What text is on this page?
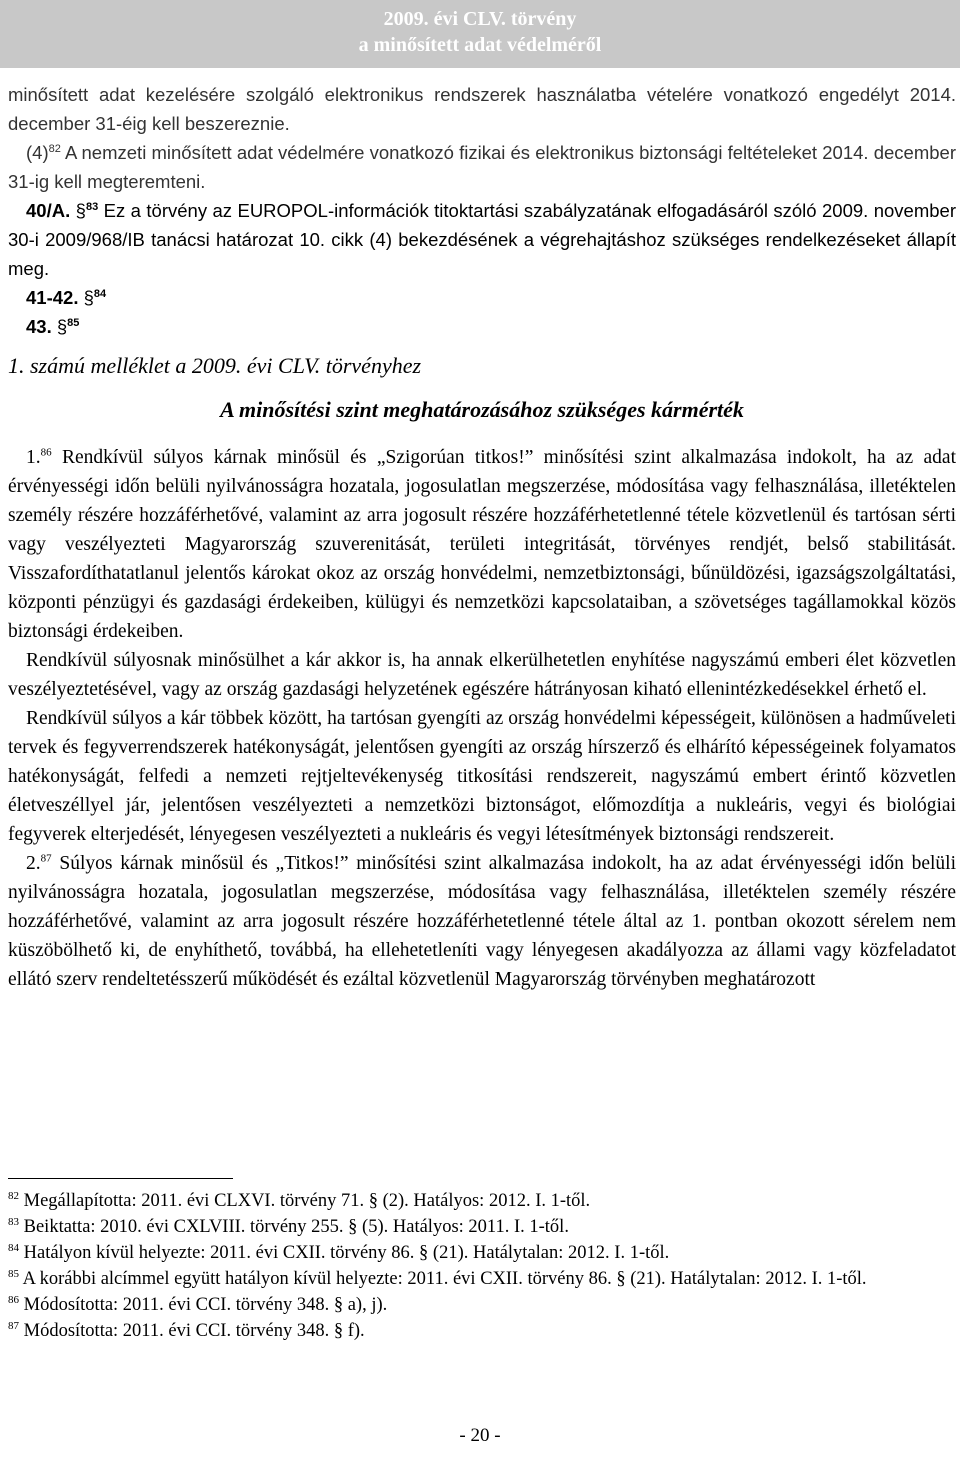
2009. évi CLV. törvény
a minősített adat védelméről

minősített adat kezelésére szolgáló elektronikus rendszerek használatba vételére vonatkozó engedélyt 2014. december 31-éig kell beszereznie.

$(4)^{82}$ A nemzeti minősített adat védelmére vonatkozó fizikai és elektronikus biztonsági feltételeket 2014. december 31-ig kell megteremteni.

40/A. §$^{83}$ Ez a törvény az EUROPOL-információk titoktartási szabályzatának elfogadásáról szóló 2009. november 30-i 2009/968/IB tanácsi határozat 10. cikk (4) bekezdésének a végrehajtáshoz szükséges rendelkezéseket állapít meg.

41-42. §$^{84}$

43. §$^{85}$

1. számú melléklet a 2009. évi CLV. törvényhez

A minősítési szint meghatározásához szükséges kármérték

1.86 Rendkívül súlyos kárnak minősül és „Szigorúan titkos!” minősítési szint alkalmazása indokolt, ha az adat érvényességi időn belüli nyilvánosságra hozatala, jogosulatlan megszerzése, módosítása vagy felhasználása, illetéktelen személy részére hozzáférhetővé, valamint az arra jogosult részére hozzáférhetetlenné tétele közvetlenül és tartósan sérti vagy veszélyezteti Magyarország szuverenitását, területi integritását, törvényes rendjét, belső stabilitását. Visszafordíthatatlanul jelentős károkat okoz az ország honvédelmi, nemzetbiztonsági, bűnüldözési, igazságszolgáltatási, központi pénzügyi és gazdasági érdekeiben, külügyi és nemzetközi kapcsolataiban, a szövetséges tagállamokkal közös biztonsági érdekeiben.

Rendkívül súlyosnak minősülhet a kár akkor is, ha annak elkerülhetetlen enyhítése nagyszámú emberi élet közvetlen veszélyeztetésével, vagy az ország gazdasági helyzetének egészére hátrányosan kiható ellenintézkedésekkel érhető el.

Rendkívül súlyos a kár többek között, ha tartósan gyengíti az ország honvédelmi képességeit, különösen a hadműveleti tervek és fegyverrendszerek hatékonyságát, jelentősen gyengíti az ország hírszerző és elhárító képességeinek folyamatos hatékonyságát, felfedi a nemzeti rejtjeltevékenység titkosítási rendszereit, nagyszámú embert érintő közvetlen életveszéllyel jár, jelentősen veszélyezteti a nemzetközi biztonságot, előmozdítja a nukleáris, vegyi és biológiai fegyverek elterjedését, lényegesen veszélyezteti a nukleáris és vegyi létesítmények biztonsági rendszereit.

2.87 Súlyos kárnak minősül és „Titkos!” minősítési szint alkalmazása indokolt, ha az adat érvényességi időn belüli nyilvánosságra hozatala, jogosulatlan megszerzése, módosítása vagy felhasználása, illetéktelen személy részére hozzáférhetővé, valamint az arra jogosult részére hozzáférhetetlenné tétele által az 1. pontban okozott sérelem nem küszöbölhető ki, de enyhíthető, továbbá, ha ellehetetleníti vagy lényegesen akadályozza az állami vagy közfeladatot ellátó szerv rendeltetésszerű működését és ezáltal közvetlenül Magyarország törvényben meghatározott

$^{82}$ Megállapította: 2011. évi CLXVI. törvény 71. § (2). Hatályos: 2012. I. 1-től.

$^{83}$ Beiktatta: 2010. évi CXLVIII. törvény 255. § (5). Hatályos: 2011. I. 1-től.

$^{84}$ Hatályon kívül helyezte: 2011. évi CXII. törvény 86. § (21). Hatálytalan: 2012. I. 1-től.

$^{85}$ A korábbi alcímmel együtt hatályon kívül helyezte: 2011. évi CXII. törvény 86. § (21). Hatálytalan: 2012. I. 1-től.

$^{86}$ Módosította: 2011. évi CCI. törvény 348. § a), j).

$^{87}$ Módosította: 2011. évi CCI. törvény 348. § f).

- 20 -
